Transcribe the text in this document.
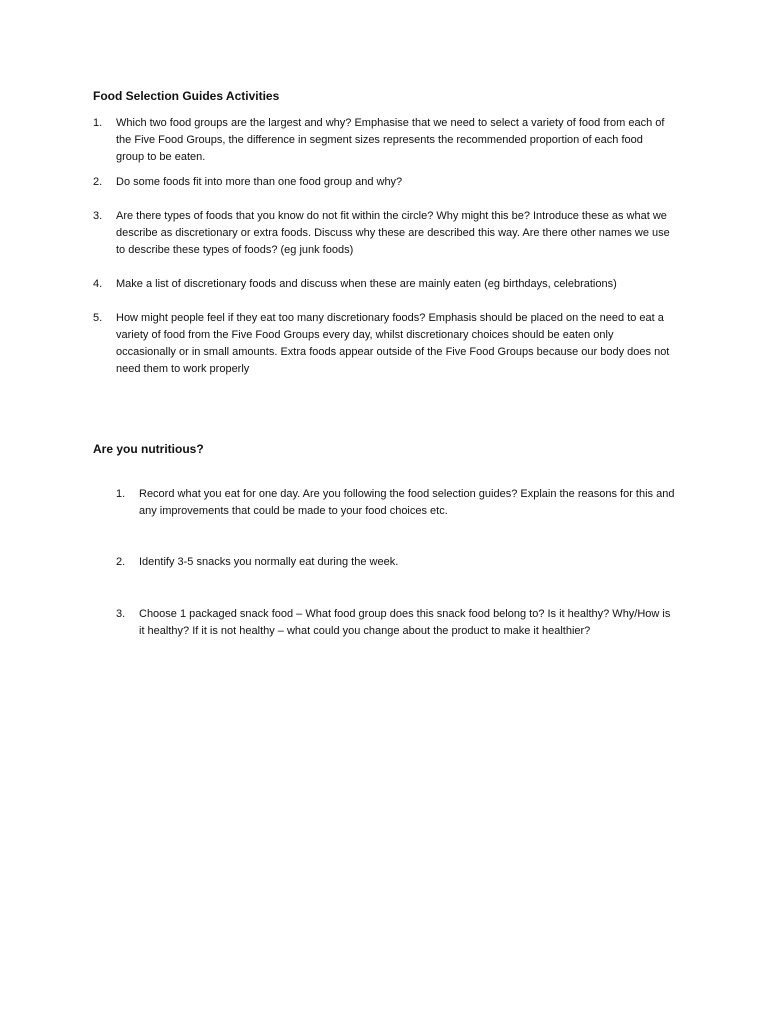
Food Selection Guides Activities
1.	Which two food groups are the largest and why? Emphasise that we need to select a variety of food from each of the Five Food Groups, the difference in segment sizes represents the recommended proportion of each food group to be eaten.
2.	Do some foods fit into more than one food group and why?
3.	Are there types of foods that you know do not fit within the circle? Why might this be? Introduce these as what we describe as discretionary or extra foods. Discuss why these are described this way. Are there other names we use to describe these types of foods? (eg junk foods)
4.	Make a list of discretionary foods and discuss when these are mainly eaten (eg birthdays, celebrations)
5.	How might people feel if they eat too many discretionary foods? Emphasis should be placed on the need to eat a variety of food from the Five Food Groups every day, whilst discretionary choices should be eaten only occasionally or in small amounts. Extra foods appear outside of the Five Food Groups because our body does not need them to work properly
Are you nutritious?
1.	Record what you eat for one day. Are you following the food selection guides? Explain the reasons for this and any improvements that could be made to your food choices etc.
2.	Identify 3-5 snacks you normally eat during the week.
3.	Choose 1 packaged snack food – What food group does this snack food belong to? Is it healthy? Why/How is it healthy? If it is not healthy – what could you change about the product to make it healthier?
